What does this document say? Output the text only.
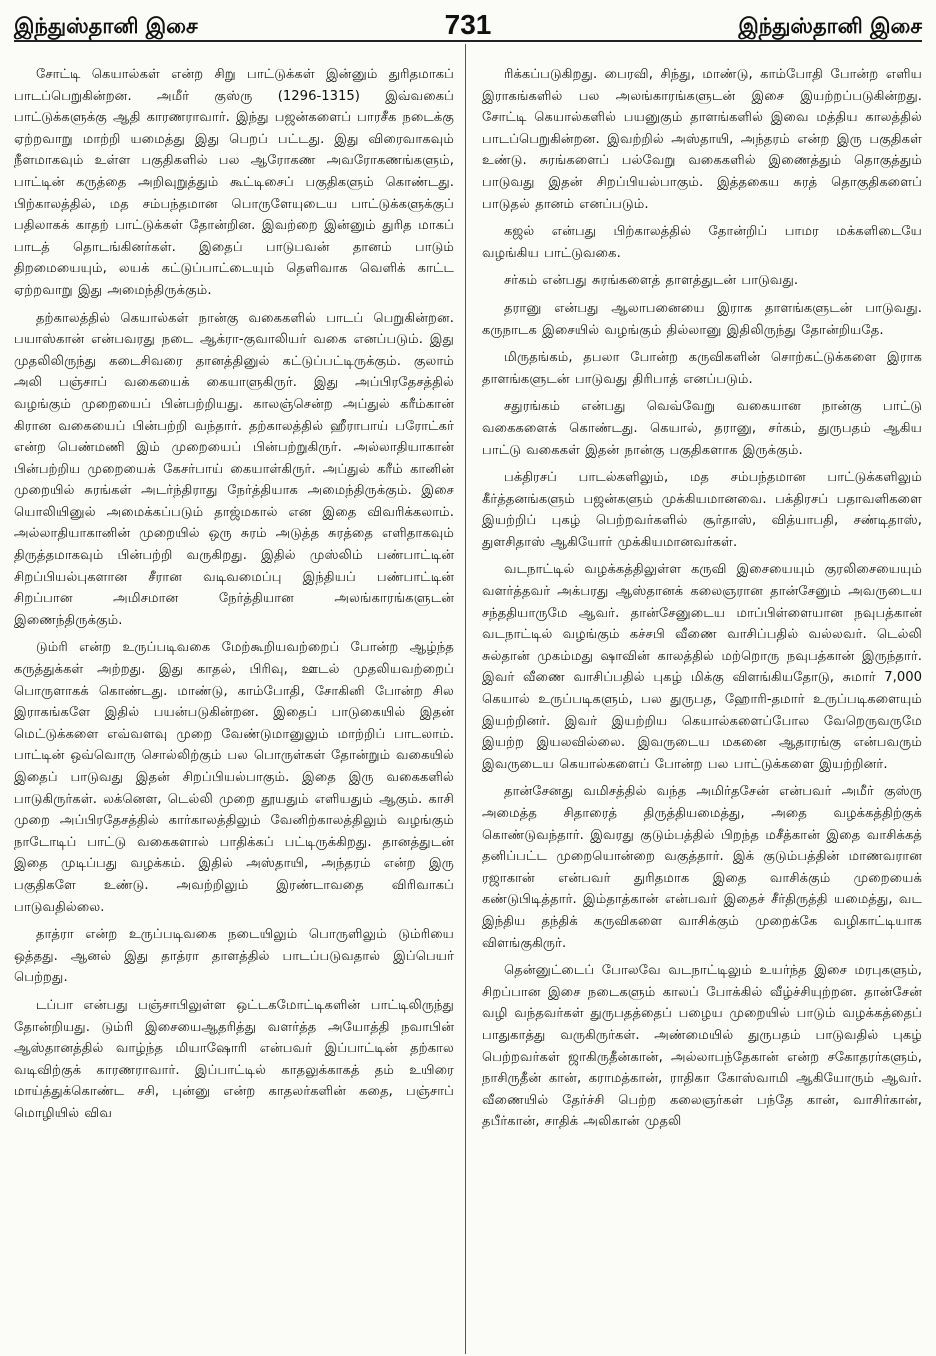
இந்துஸ்தானி இசை	731	இந்துஸ்தானி இசை

சோட்டி கெயால்கள் என்ற சிறு பாட்டுக்கள் இன்னும் துரிதமாகப் பாடப்பெறுகின்றன. அமீர் குஸ்ரு (1296-1315) இவ்வகைப் பாட்டுக்களுக்கு ஆதி காரணராவார். இந்து பஜன்களைப் பாரசீக நடைக்கு ஏற்றவாறு மாற்றி யமைத்து இது பெறப் பட்டது. இது விரைவாகவும் நீளமாகவும் உள்ள பகுதிகளில் பல ஆரோகண அவரோகணங்களும், பாட்டின் கருத்தை அறிவுறுத்தும் கூட்டிசைப் பகுதிகளும் கொண்டது. பிற்காலத்தில், மத சம்பந்தமான பொருளேயுடைய பாட்டுக்களுக்குப் பதிலாகக் காதற் பாட்டுக்கள் தோன்றின. இவற்றை இன்னும் துரித மாகப் பாடத் தொடங்கினர்கள். இதைப் பாடுபவன் தானம் பாடும் திறமையையும், லயக் கட்டுப்பாட்டையும் தெளிவாக வெளிக் காட்ட ஏற்றவாறு இது அமைந்திருக்கும்.

தற்காலத்தில் கெயால்கள் நான்கு வகைகளில் பாடப் பெறுகின்றன. பயாஸ்கான் என்பவரது நடை ஆக்ரா-குவாலியர் வகை எனப்படும். இது முதலிலிருந்து கடைசிவரை தானத்தினுல் கட்டுப்பட்டிருக்கும். குலாம் அலி பஞ்சாப் வகையைக் கையாளுகிருர். இது அப்பிரதேசத்தில் வழங்கும் முறையைப் பின்பற்றியது. காலஞ்சென்ற அப்துல் கரீம்கான் கிரான வகையைப் பின்பற்றி வந்தார். தற்காலத்தில் ஹீராபாய் பரோட்கர் என்ற பெண்மணி இம் முறையைப் பின்பற்றுகிருர். அல்லாதியாகான் பின்பற்றிய முறையைக் கேசர்பாய் கையாள்கிருர். அப்துல் கரீம் கானின் முறையில் சுரங்கள் அடர்ந்திராது நேர்த்தியாக அமைந்திருக்கும். இசை யொலியினுல் அமைக்கப்படும் தாஜ்மகால் என இதை விவரிக்கலாம். அல்லாதியாகானின் முறையில் ஒரு சுரம் அடுத்த சுரத்தை எளிதாகவும் திருத்தமாகவும் பின்பற்றி வருகிறது. இதில் முஸ்லிம் பண்பாட்டின் சிறப்பியல்புகளான சீரான வடிவமைப்பு இந்தியப் பண்பாட்டின் சிறப்பான அமிசமான நேர்த்தியான அலங்காரங்களுடன் இணைந்திருக்கும்.

டும்ரி என்ற உருப்படிவகை மேற்கூறியவற்றைப் போன்ற ஆழ்ந்த கருத்துக்கள் அற்றது. இது காதல், பிரிவு, ஊடல் முதலியவற்றைப் பொருளாகக் கொண்டது. மாண்டு, காம்போதி, சோகினி போன்ற சில இராகங்களே இதில் பயன்படுகின்றன. இதைப் பாடுகையில் இதன் மெட்டுக்களை எவ்வளவு முறை வேண்டுமானுலும் மாற்றிப் பாடலாம். பாட்டின் ஒவ்வொரு சொல்லிற்கும் பல பொருள்கள் தோன்றும் வகையில் இதைப் பாடுவது இதன் சிறப்பியல்பாகும். இதை இரு வகைகளில் பாடுகிருர்கள். லக்னௌ, டெல்லி முறை தூயதும் எளியதும் ஆகும். காசி முறை அப்பிரதேசத்தில் கார்காலத்திலும் வேனிற்காலத்திலும் வழங்கும் நாடோடிப் பாட்டு வகைகளால் பாதிக்கப் பட்டிருக்கிறது. தானத்துடன் இதை முடிப்பது வழக்கம். இதில் அஸ்தாயி, அந்தரம் என்ற இரு பகுதிகளே உண்டு. அவற்றிலும் இரண்டாவதை விரிவாகப் பாடுவதில்லை.

தாத்ரா என்ற உருப்படிவகை நடையிலும் பொருளிலும் டும்ரியை ஒத்தது. ஆனல் இது தாத்ரா தாளத்தில் பாடப்படுவதால் இப்பெயர் பெற்றது.

டப்பா என்பது பஞ்சாபிலுள்ள ஒட்டகமோட்டிகளின் பாட்டிலிருந்து தோன்றியது. டும்ரி இசையைஆதரித்து வளர்த்த அயோத்தி நவாபின் ஆஸ்தானத்தில் வாழ்ந்த மியாஷோரி என்பவர் இப்பாட்டின் தற்கால வடிவிற்குக் காரணராவார். இப்பாட்டில் காதலுக்காகத் தம் உயிரை மாய்த்துக்கொண்ட சசி, புன்னு என்ற காதலர்களின் கதை, பஞ்சாப் மொழியில் விவ

ரிக்கப்படுகிறது. பைரவி, சிந்து, மாண்டு, காம்போதி போன்ற எளிய இராகங்களில் பல அலங்காரங்களுடன் இசை இயற்றப்படுகின்றது. சோட்டி கெயால்களில் பயனுகும் தாளங்களில் இவை மத்திய காலத்தில் பாடப்பெறுகின்றன. இவற்றில் அஸ்தாயி, அந்தரம் என்ற இரு பகுதிகள் உண்டு. சுரங்களைப் பல்வேறு வகைகளில் இணைத்தும் தொகுத்தும் பாடுவது இதன் சிறப்பியல்பாகும். இத்தகைய சுரத் தொகுதிகளைப் பாடுதல் தானம் எனப்படும்.

கஜல் என்பது பிற்காலத்தில் தோன்றிப் பாமர மக்களிடையே வழங்கிய பாட்டுவகை.

சர்கம் என்பது சுரங்களைத் தாளத்துடன் பாடுவது.

தரானு என்பது ஆலாபனையை இராக தாளங்களுடன் பாடுவது. கருநாடக இசையில் வழங்கும் தில்லானு இதிலிருந்து தோன்றியதே.

மிருதங்கம், தபலா போன்ற கருவிகளின் சொற்கட்டுக்களை இராக தாளங்களுடன் பாடுவது திரிபாத் எனப்படும்.

சதுரங்கம் என்பது வெவ்வேறு வகையான நான்கு பாட்டு வகைகளைக் கொண்டது. கெயால், தரானு, சர்கம், துருபதம் ஆகிய பாட்டு வகைகள் இதன் நான்கு பகுதிகளாக இருக்கும்.

பக்திரசப் பாடல்களிலும், மத சம்பந்தமான பாட்டுக்களிலும் கீர்த்தனங்களும் பஜன்களும் முக்கியமானவை. பக்திரசப் பதாவளிகளை இயற்றிப் புகழ் பெற்றவர்களில் சூர்தாஸ், வித்யாபதி, சண்டிதாஸ், துளசிதாஸ் ஆகியோர் முக்கியமானவர்கள்.

வடநாட்டில் வழக்கத்திலுள்ள கருவி இசையையும் குரலிசையையும் வளர்த்தவர் அக்பரது ஆஸ்தானக் கலைஞரான தான்சேனும் அவருடைய சந்ததியாருமே ஆவர். தான்சேனுடைய மாப்பிள்ளையான நவுபத்கான் வடநாட்டில் வழங்கும் கச்சபி வீணை வாசிப்பதில் வல்லவர். டெல்லி சுல்தான் முகம்மது ஷாவின் காலத்தில் மற்றொரு நவுபத்கான் இருந்தார். இவர் வீணை வாசிப்பதில் புகழ் மிக்கு விளங்கியதோடு, சுமார் 7,000 கெயால் உருப்படிகளும், பல துருபத, ஹோரி-தமார் உருப்படிகளையும் இயற்றினர். இவர் இயற்றிய கெயால்களைப்போல வேறெருவருமே இயற்ற இயலவில்லை. இவருடைய மகனை ஆதாரங்கு என்பவரும் இவருடைய கெயால்களைப் போன்ற பல பாட்டுக்களை இயற்றினர்.

தான்சேனது வமிசத்தில் வந்த அமிர்தசேன் என்பவர் அமீர் குஸ்ரு அமைத்த சிதாரைத் திருத்தியமைத்து, அதை வழக்கத்திற்குக் கொண்டுவந்தார். இவரது குடும்பத்தில் பிறந்த மசீத்கான் இதை வாசிக்கத் தனிப்பட்ட முறையொன்றை வகுத்தார். இக் குடும்பத்தின் மாணவரான ரஜாகான் என்பவர் துரிதமாக இதை வாசிக்கும் முறையைக் கண்டுபிடித்தார். இம்தாத்கான் என்பவர் இதைச் சீர்திருத்தி யமைத்து, வட இந்திய தந்திக் கருவிகளை வாசிக்கும் முறைக்கே வழிகாட்டியாக விளங்குகிருர்.

தென்னுட்டைப் போலவே வடநாட்டிலும் உயர்ந்த இசை மரபுகளும், சிறப்பான இசை நடைகளும் காலப் போக்கில் வீழ்ச்சியுற்றன. தான்சேன் வழி வந்தவர்கள் துருபதத்தைப் பழைய முறையில் பாடும் வழக்கத்தைப் பாதுகாத்து வருகிருர்கள். அண்மையில் துருபதம் பாடுவதில் புகழ் பெற்றவர்கள் ஜாகிருதீன்கான், அல்லாபந்தேகான் என்ற சகோதரர்களும், நாசிருதீன் கான், கராமத்கான், ராதிகா கோஸ்வாமி ஆகியோரும் ஆவர். வீணையில் தேர்ச்சி பெற்ற கலைஞர்கள் பந்தே கான், வாசிர்கான், தபீர்கான், சாதிக் அலிகான் முதலி
